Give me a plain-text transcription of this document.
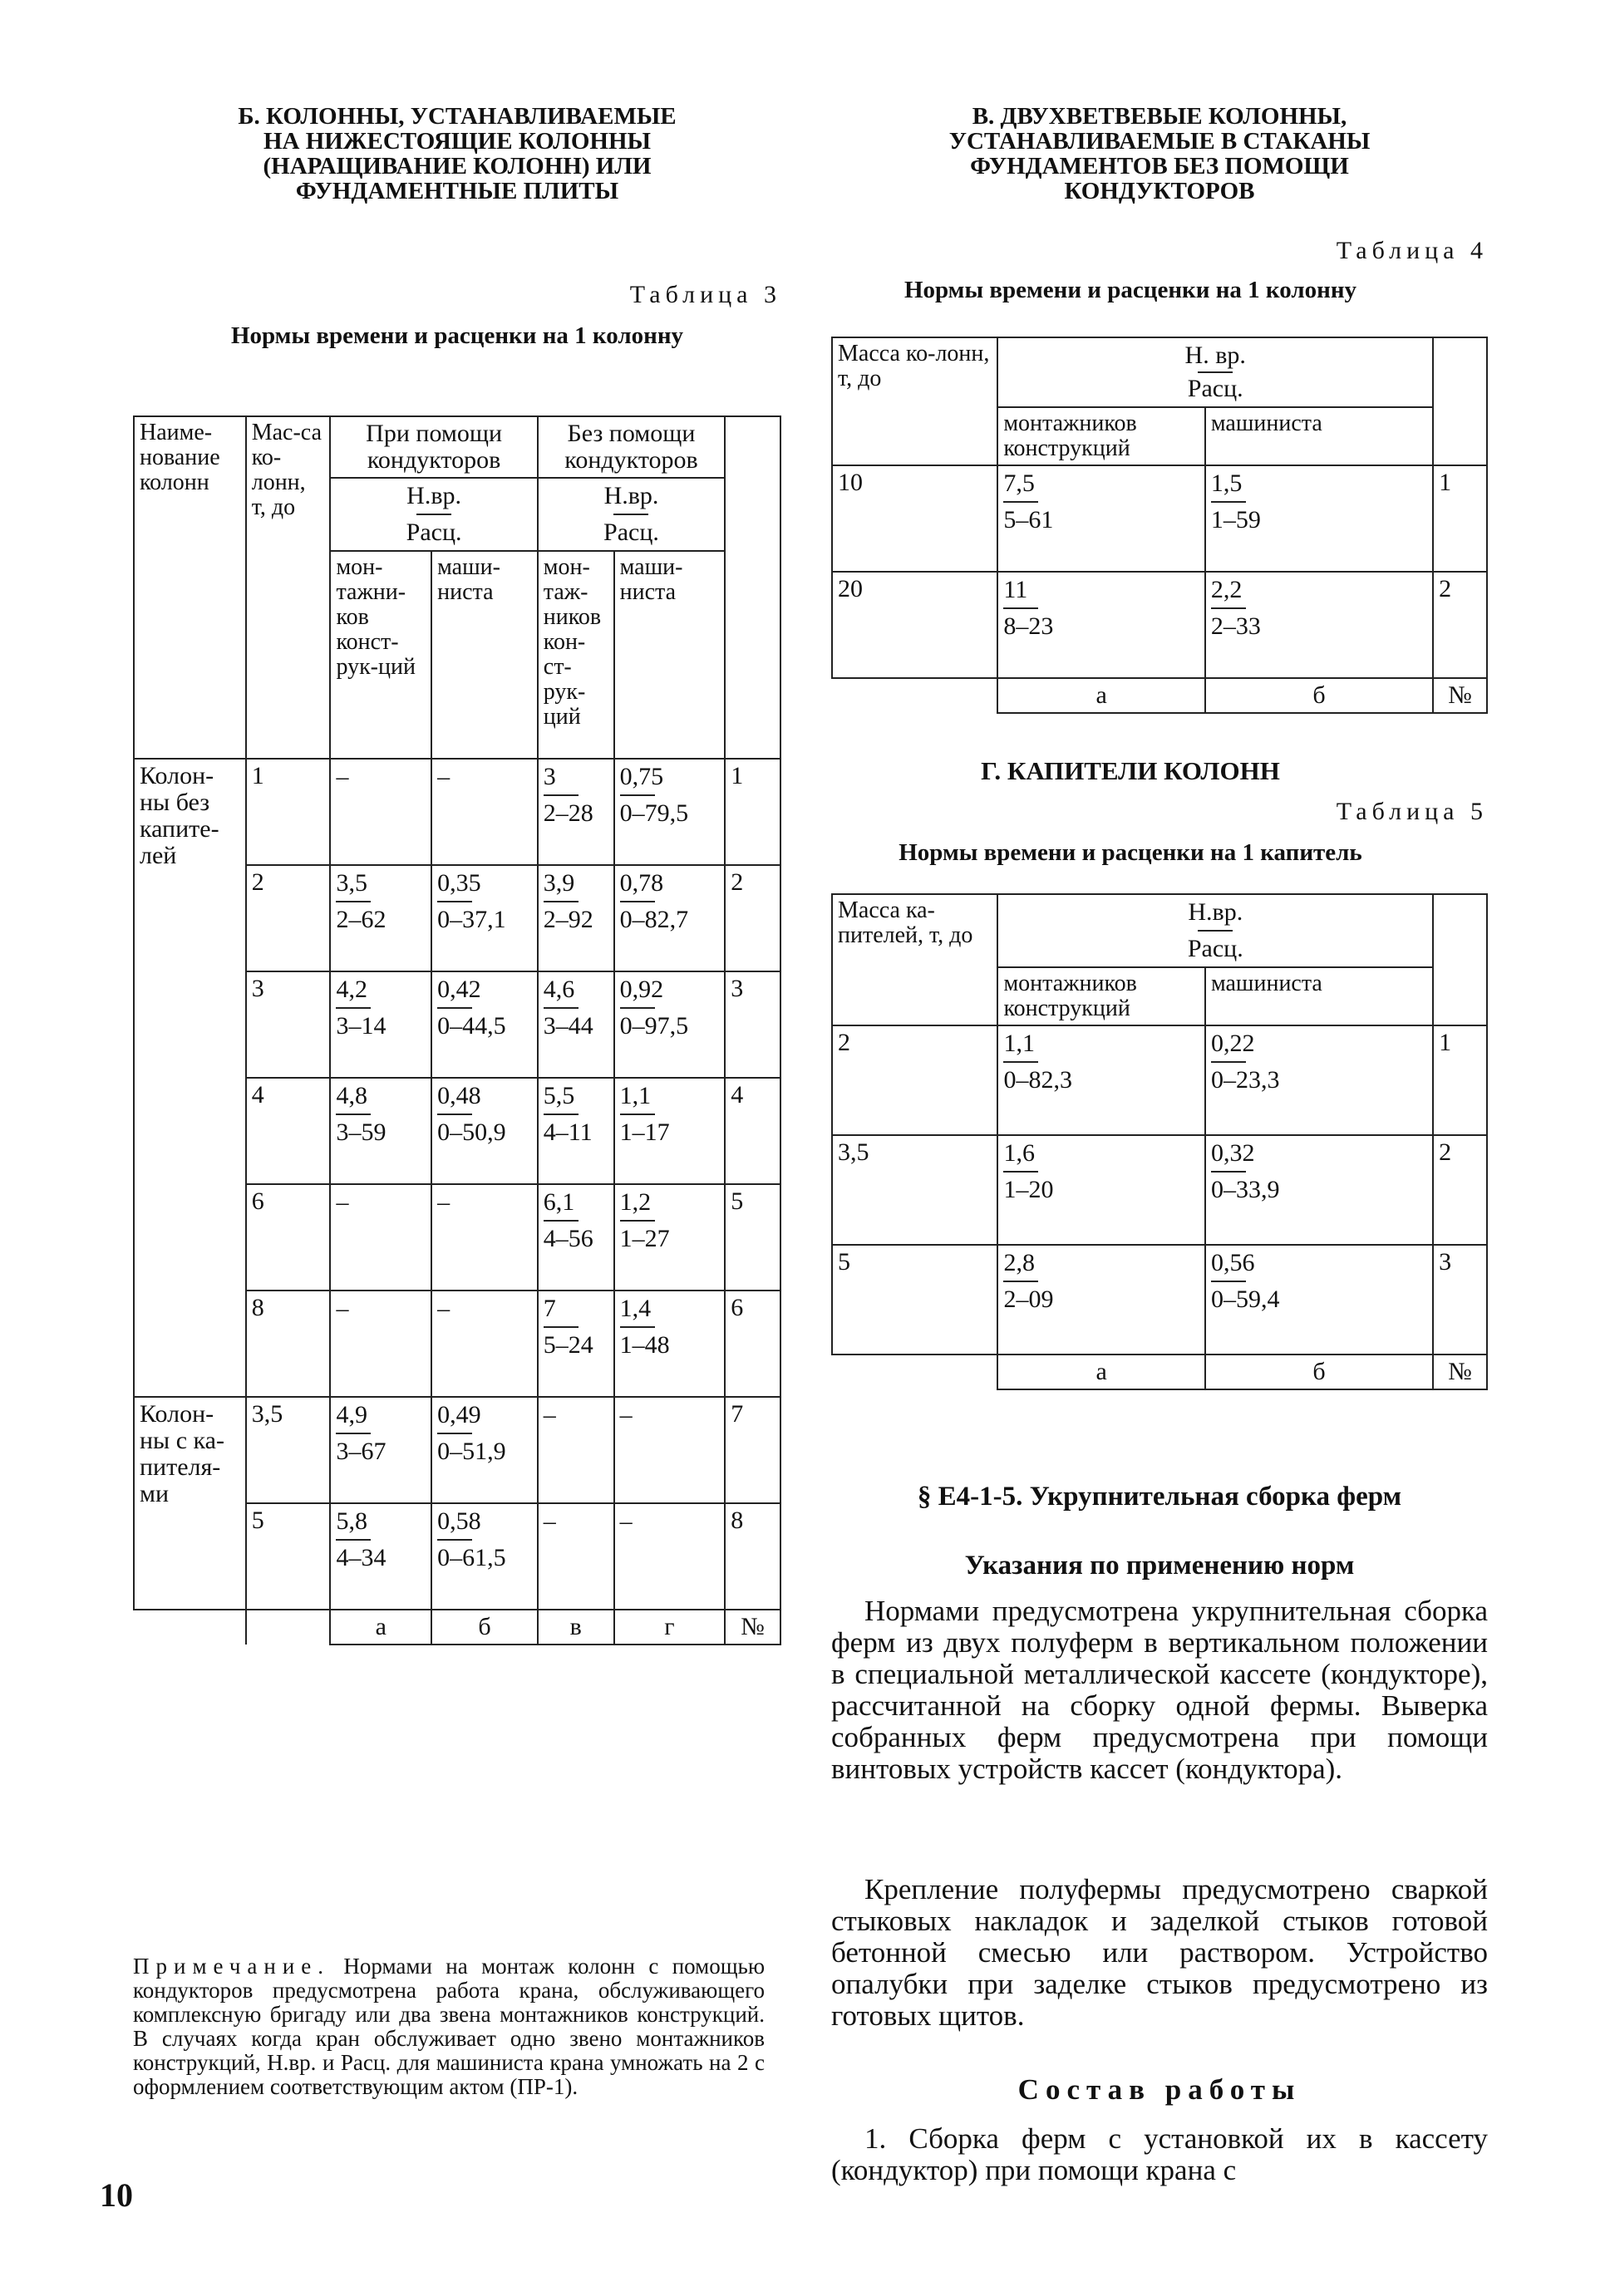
Б. КОЛОННЫ, УСТАНАВЛИВАЕМЫЕ
НА НИЖЕСТОЯЩИЕ КОЛОННЫ
(НАРАЩИВАНИЕ КОЛОНН) ИЛИ
ФУНДАМЕНТНЫЕ ПЛИТЫ
Таблица 3
Нормы времени и расценки на 1 колонну
Наиме-нование колонн	Мас-са ко-лонн, т, до	При помощи кондукторов		Без помощи кондукторов		

		$\frac{Н.вр.}{\text{Расц.}}$		$\frac{Н.вр.}{\text{Расц.}}$

		мон-тажни-ков конст-рук-ций	маши-ниста	мон-таж-ников кон-ст-рук-ций	маши-ниста	
Колон-ны без капите-лей	1	–	–	$\frac{3}{2-28}$	$\frac{0,75}{0-79,5}$	1
	2	$\frac{3,5}{2-62}$	$\frac{0,35}{0-37,1}$	$\frac{3,9}{2-92}$	$\frac{0,78}{0-82,7}$	2
	3	$\frac{4,2}{3-14}$	$\frac{0,42}{0-44,5}$	$\frac{4,6}{3-44}$	$\frac{0,92}{0-97,5}$	3
	4	$\frac{4,8}{3-59}$	$\frac{0,48}{0-50,9}$	$\frac{5,5}{4-11}$	$\frac{1,1}{1-17}$	4
	6	–	–	$\frac{6,1}{4-56}$	$\frac{1,2}{1-27}$	5
	8	–	–	$\frac{7}{5-24}$	$\frac{1,4}{1-48}$	6
Колон-ны с ка-пителя-ми	3,5	$\frac{4,9}{3-67}$	$\frac{0,49}{0-51,9}$	–	–	7
	5	$\frac{5,8}{4-34}$	$\frac{0,58}{0-61,5}$	–	–	8
		а	б	в	г	№
Примечание. Нормами на монтаж колонн с помощью кондукторов предусмотрена работа крана, обслуживающего комплексную бригаду или два звена монтажников конструкций. В случаях когда кран обслуживает одно звено монтажников конструкций, Н.вр. и Расц. для машиниста крана умножать на 2 с оформлением соответствующим актом (ПР-1).
10
В. ДВУХВЕТВЕВЫЕ КОЛОННЫ,
УСТАНАВЛИВАЕМЫЕ В СТАКАНЫ
ФУНДАМЕНТОВ БЕЗ ПОМОЩИ
КОНДУКТОРОВ
Таблица 4
Нормы времени и расценки на 1 колонну
Масса ко-лонн, т, до	$\frac{Н. вр.}{\text{Расц.}}$

	монтажников конструкций	машиниста	
10	$\frac{7,5}{5-61}$	$\frac{1,5}{1-59}$	1
20	$\frac{11}{8-23}$	$\frac{2,2}{2-33}$	2
	а	б	№
Г. КАПИТЕЛИ КОЛОНН
Таблица 5
Нормы времени и расценки на 1 капитель
Масса ка-пителей, т, до	$\frac{Н.вр.}{\text{Расц.}}$

	монтажников конструкций	машиниста	
2	$\frac{1,1}{0-82,3}$	$\frac{0,22}{0-23,3}$	1
3,5	$\frac{1,6}{1-20}$	$\frac{0,32}{0-33,9}$	2
5	$\frac{2,8}{2-09}$	$\frac{0,56}{0-59,4}$	3
	а	б	№
§ Е4-1-5. Укрупнительная сборка ферм
Указания по применению норм
Нормами предусмотрена укрупнительная сборка ферм из двух полуферм в вертикальном положении в специальной металлической кассете (кондукторе), рассчитанной на сборку одной фермы. Выверка собранных ферм предусмотрена при помощи винтовых устройств кассет (кондуктора).
Крепление полуфермы предусмотрено сваркой стыковых накладок и заделкой стыков готовой бетонной смесью или раствором. Устройство опалубки при заделке стыков предусмотрено из готовых щитов.
Состав работы
1. Сборка ферм с установкой их в кассету (кондуктор) при помощи крана с
